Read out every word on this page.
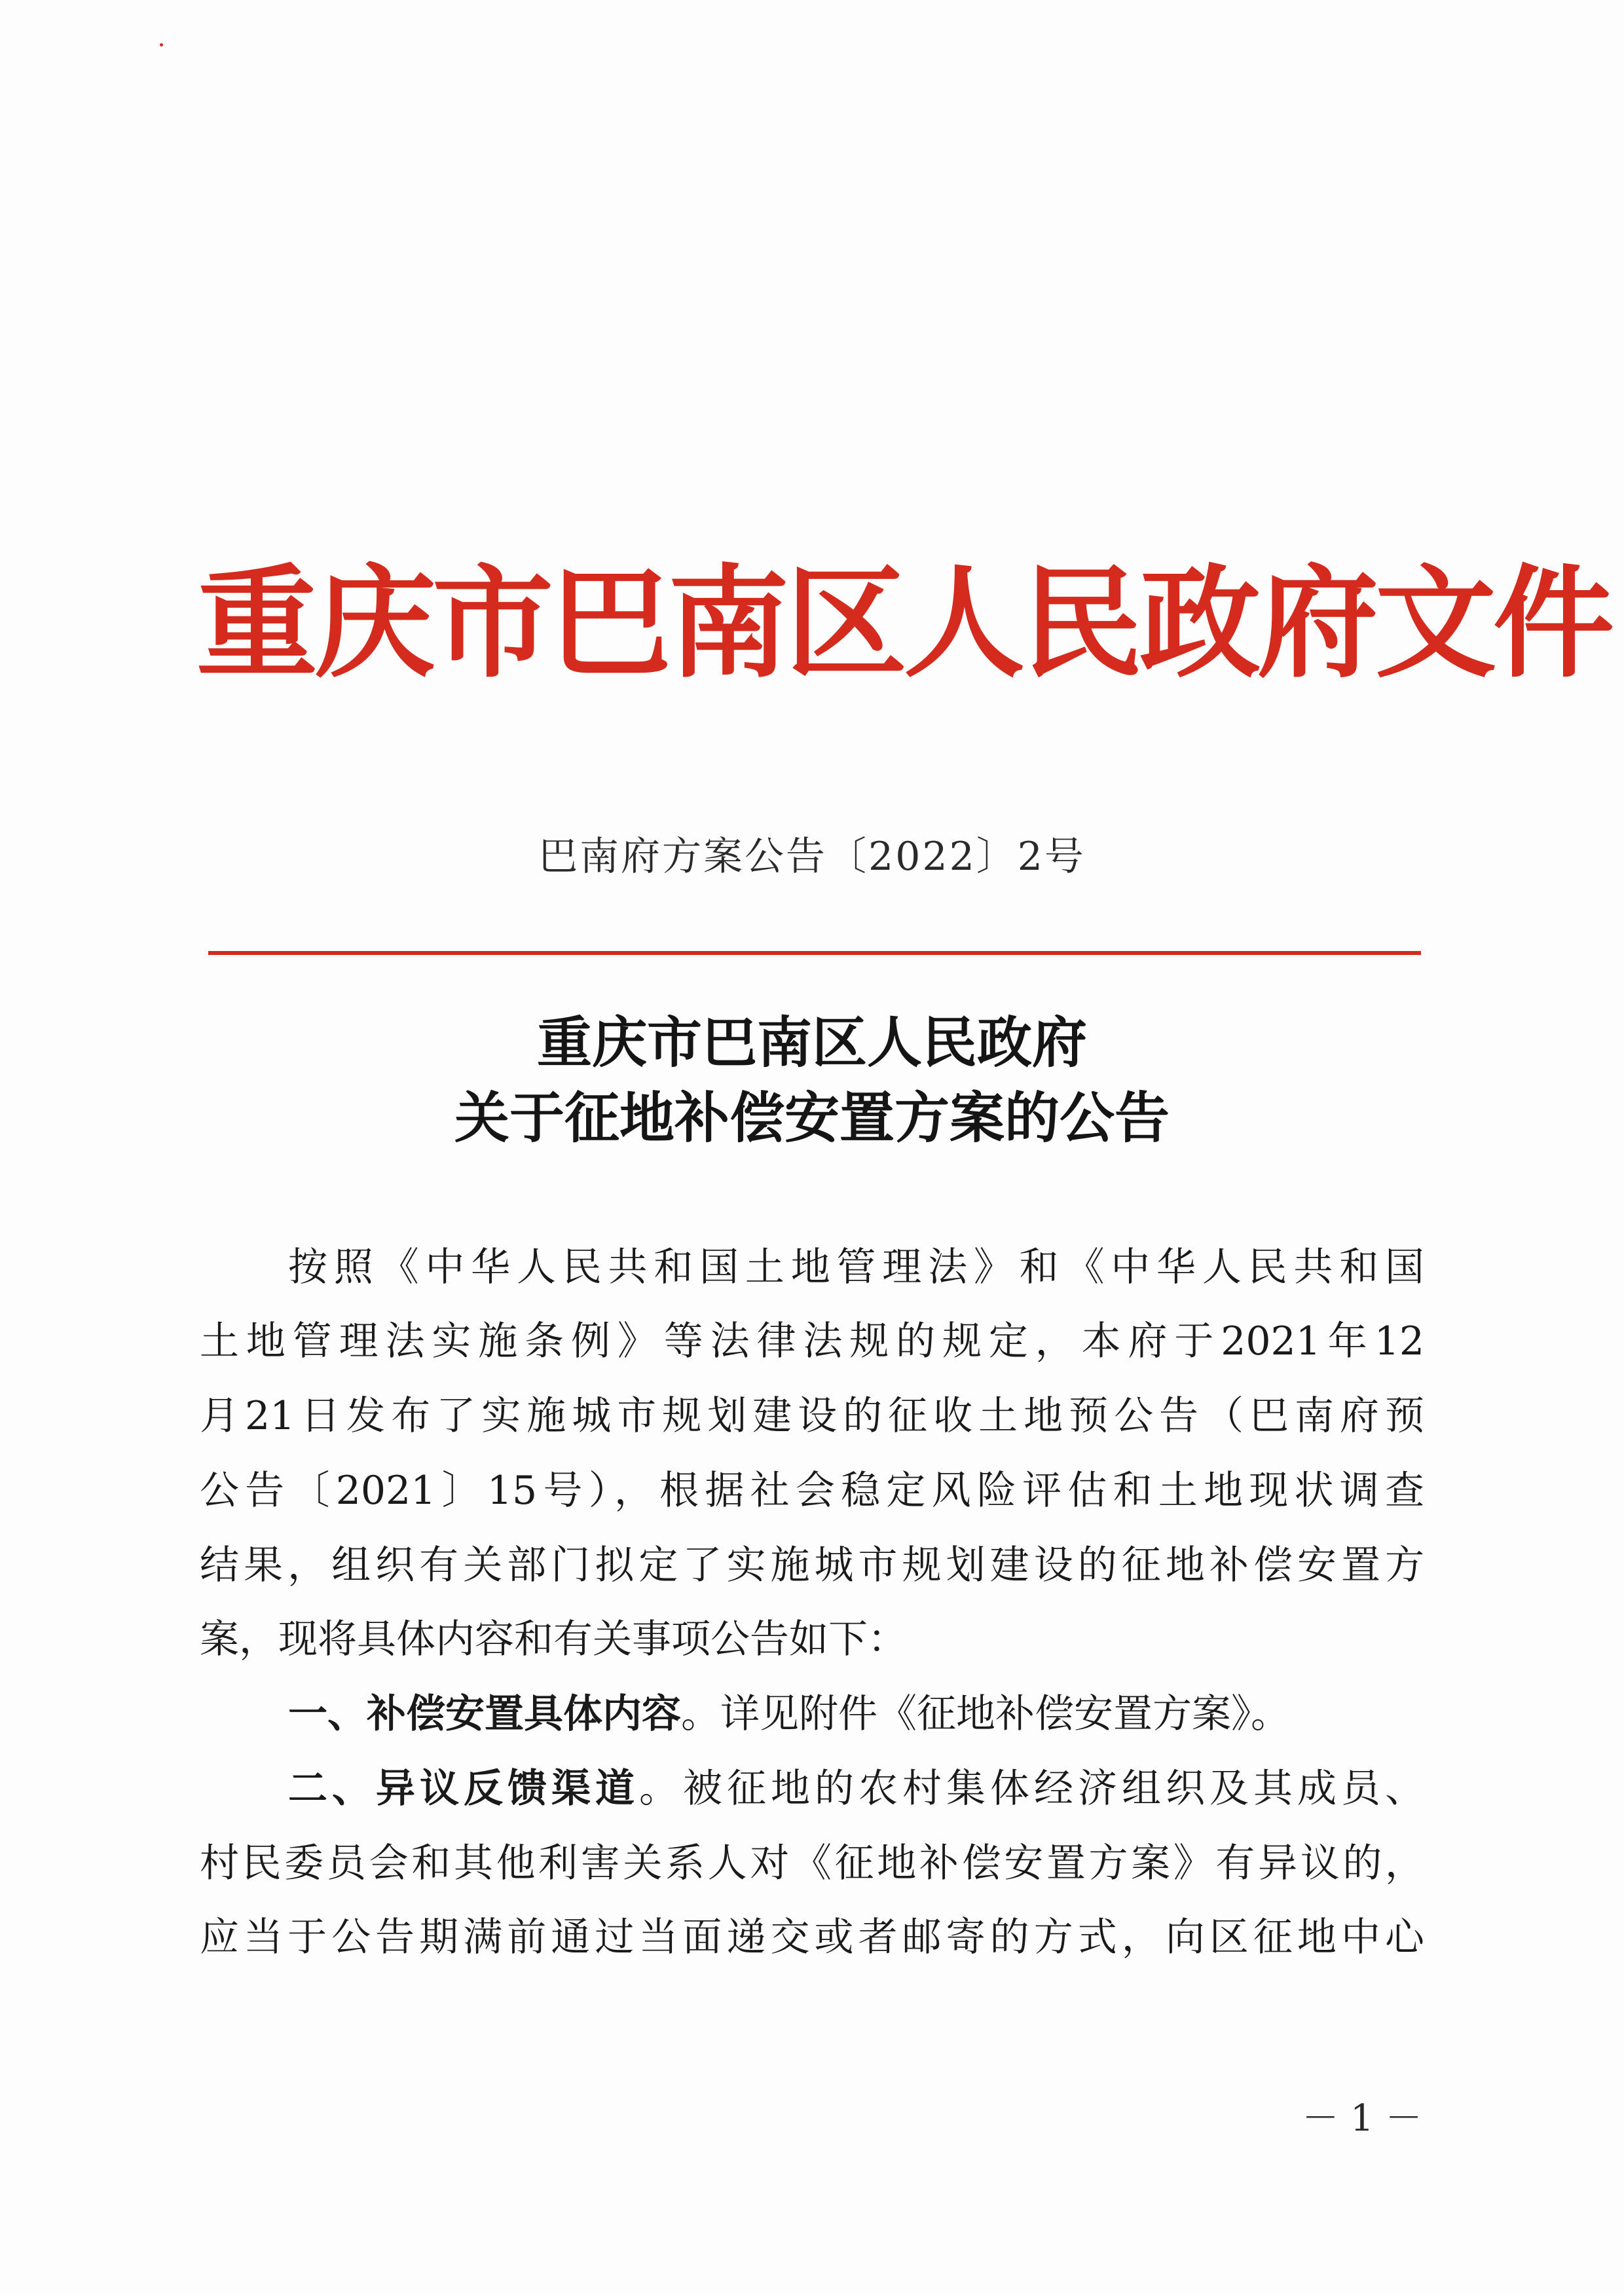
重庆市巴南区人民政府文件
巴南府方案公告〔2022〕2号
重庆市巴南区人民政府
关于征地补偿安置方案的公告

按照《中华人民共和国土地管理法》和《中华人民共和国

土地管理法实施条例》等法律法规的规定，本府于2021年12

月21日发布了实施城市规划建设的征收土地预公告（巴南府预

公告〔2021〕15号），根据社会稳定风险评估和土地现状调查

结果，组织有关部门拟定了实施城市规划建设的征地补偿安置方

案，现将具体内容和有关事项公告如下：

一、补偿安置具体内容。详见附件《征地补偿安置方案》。

二、异议反馈渠道。被征地的农村集体经济组织及其成员、

村民委员会和其他利害关系人对《征地补偿安置方案》有异议的，

应当于公告期满前通过当面递交或者邮寄的方式，向区征地中心

－ 1 －
